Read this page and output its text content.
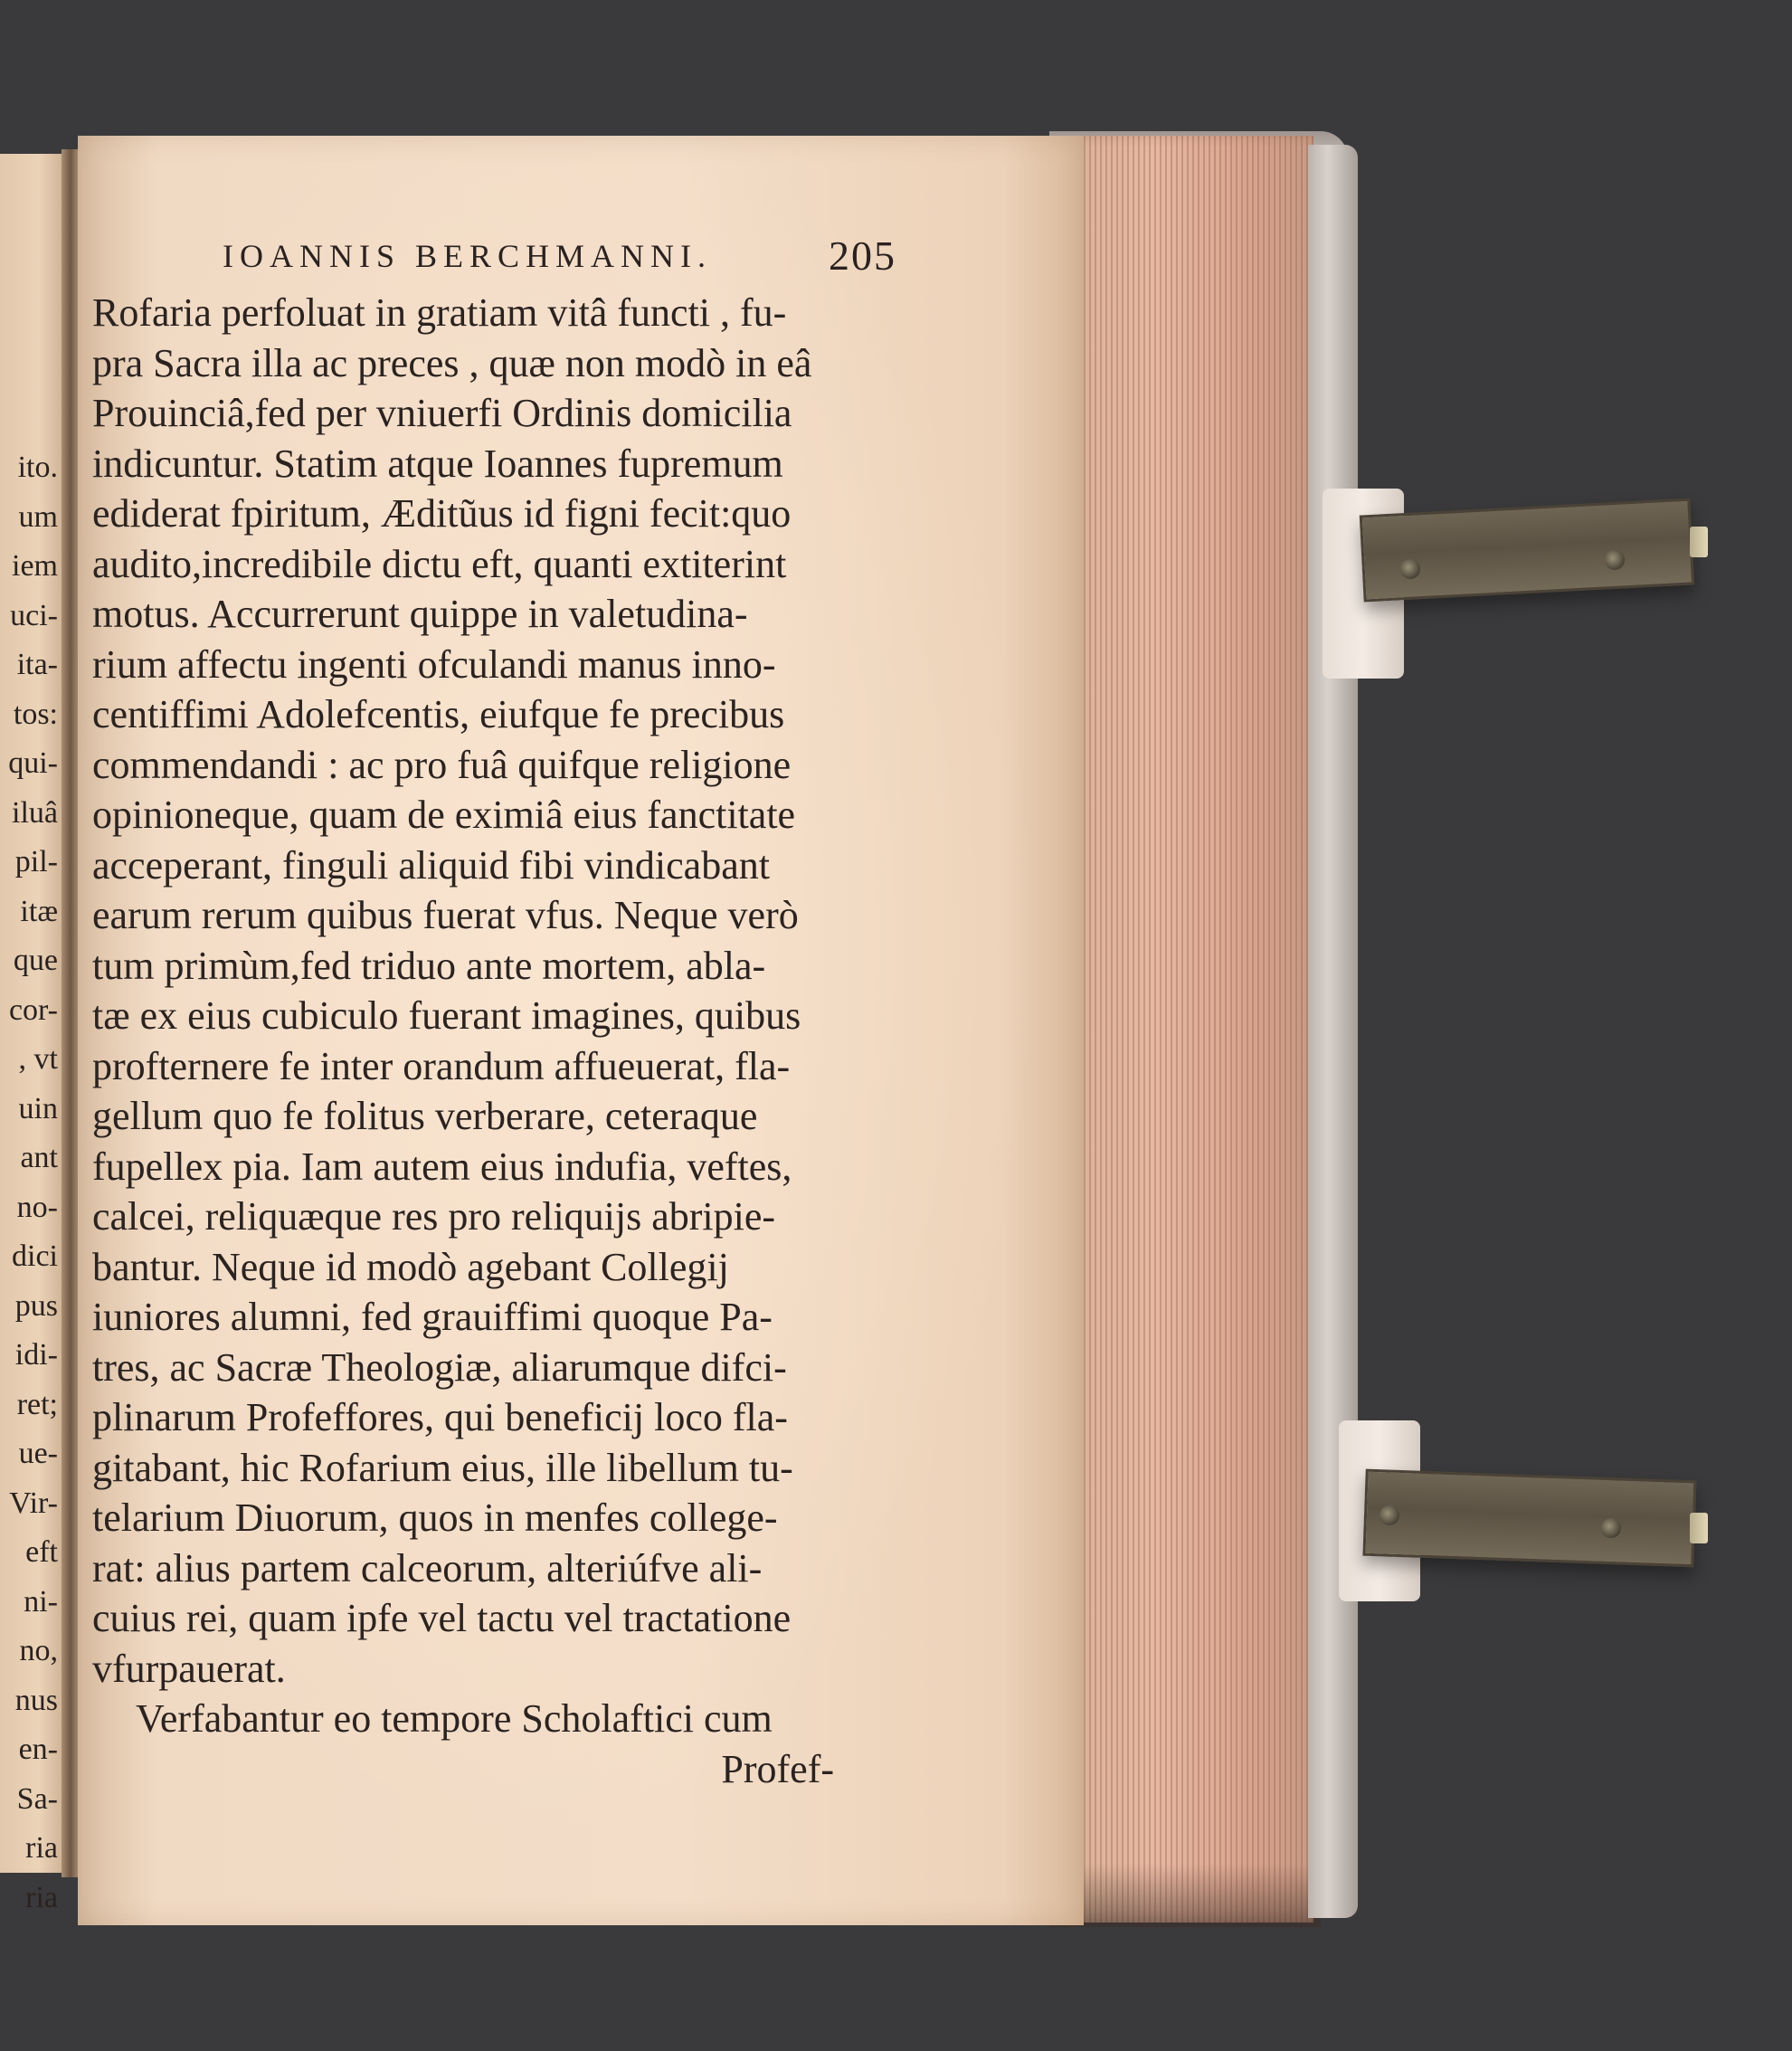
ito.
um
iem
uci-
ita-
tos:
qui-
iluâ
pil-
itæ
que
cor-
, vt
uin
ant
no-
dici
pus
idi-
ret;
ue-
Vir-
eft
ni-
no,
nus
en-
Sa-
ria
ria
IOANNIS BERCHMANNI.	205
Rofaria perfoluat in gratiam vitâ functi , fu-
pra Sacra illa ac preces , quæ non modò in eâ
Prouinciâ,fed per vniuerfi Ordinis domicilia
indicuntur. Statim atque Ioannes fupremum
ediderat fpiritum, Æditũus id figni fecit:quo
audito,incredibile dictu eft, quanti extiterint
motus. Accurrerunt quippe in valetudina-
rium affectu ingenti ofculandi manus inno-
centiffimi Adolefcentis, eiufque fe precibus
commendandi : ac pro fuâ quifque religione
opinioneque, quam de eximiâ eius fanctitate
acceperant, finguli aliquid fibi vindicabant
earum rerum quibus fuerat vfus. Neque verò
tum primùm,fed triduo ante mortem, abla-
tæ ex eius cubiculo fuerant imagines, quibus
profternere fe inter orandum affueuerat, fla-
gellum quo fe folitus verberare, ceteraque
fupellex pia. Iam autem eius indufia, veftes,
calcei, reliquæque res pro reliquijs abripie-
bantur. Neque id modò agebant Collegij
iuniores alumni, fed grauiffimi quoque Pa-
tres, ac Sacræ Theologiæ, aliarumque difci-
plinarum Profeffores, qui beneficij loco fla-
gitabant, hic Rofarium eius, ille libellum tu-
telarium Diuorum, quos in menfes collegе-
rat: alius partem calceorum, alteriúfve ali-
cuius rei, quam ipfe vel tactu vel tractatione
vfurpauerat.
Verfabantur eo tempore Scholaftici cum
Profef-
